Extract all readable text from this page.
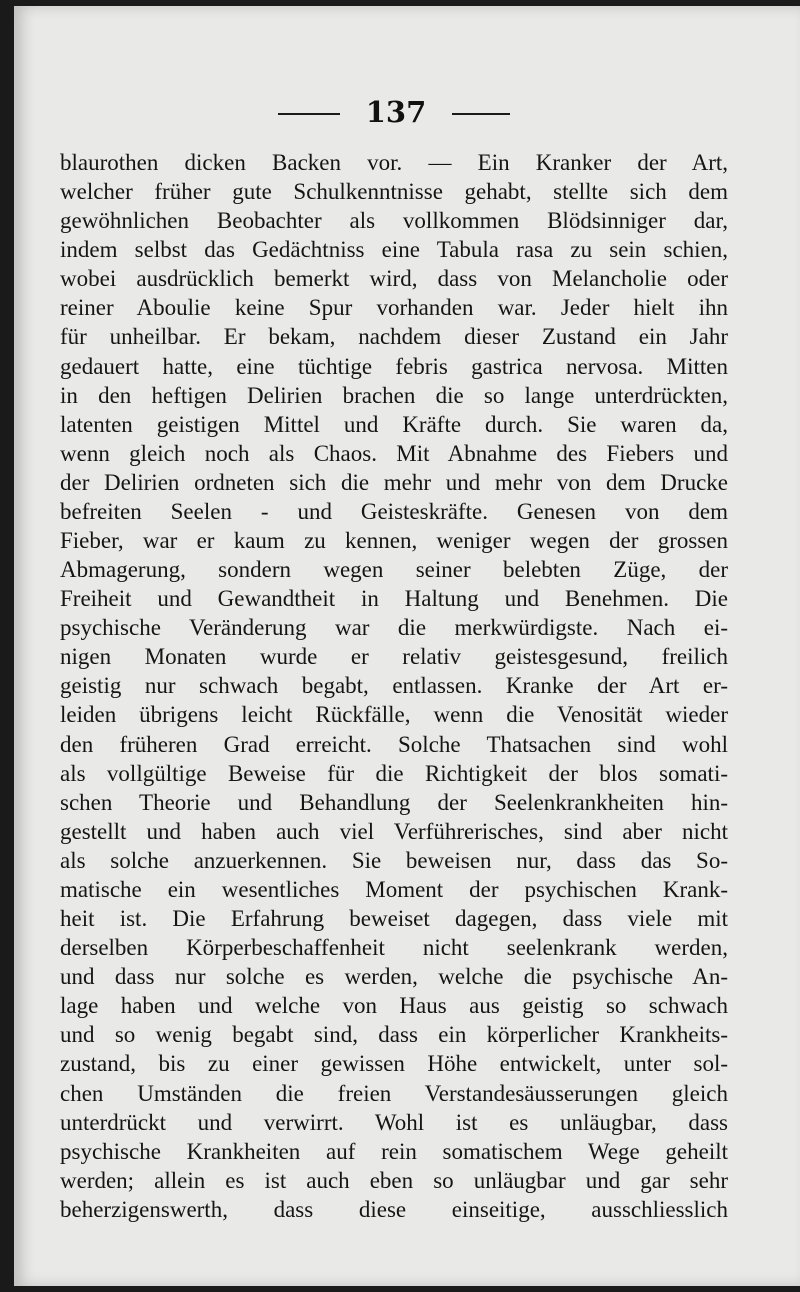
137
blaurothen dicken Backen vor. — Ein Kranker der Art,
welcher früher gute Schulkenntnisse gehabt, stellte sich dem
gewöhnlichen Beobachter als vollkommen Blödsinniger dar,
indem selbst das Gedächtniss eine Tabula rasa zu sein schien,
wobei ausdrücklich bemerkt wird, dass von Melancholie oder
reiner Aboulie keine Spur vorhanden war. Jeder hielt ihn
für unheilbar. Er bekam, nachdem dieser Zustand ein Jahr
gedauert hatte, eine tüchtige febris gastrica nervosa. Mitten
in den heftigen Delirien brachen die so lange unterdrückten,
latenten geistigen Mittel und Kräfte durch. Sie waren da,
wenn gleich noch als Chaos. Mit Abnahme des Fiebers und
der Delirien ordneten sich die mehr und mehr von dem Drucke
befreiten Seelen - und Geisteskräfte. Genesen von dem
Fieber, war er kaum zu kennen, weniger wegen der grossen
Abmagerung, sondern wegen seiner belebten Züge, der
Freiheit und Gewandtheit in Haltung und Benehmen. Die
psychische Veränderung war die merkwürdigste. Nach ei-
nigen Monaten wurde er relativ geistesgesund, freilich
geistig nur schwach begabt, entlassen. Kranke der Art er-
leiden übrigens leicht Rückfälle, wenn die Venosität wieder
den früheren Grad erreicht. Solche Thatsachen sind wohl
als vollgültige Beweise für die Richtigkeit der blos somati-
schen Theorie und Behandlung der Seelenkrankheiten hin-
gestellt und haben auch viel Verführerisches, sind aber nicht
als solche anzuerkennen. Sie beweisen nur, dass das So-
matische ein wesentliches Moment der psychischen Krank-
heit ist. Die Erfahrung beweiset dagegen, dass viele mit
derselben Körperbeschaffenheit nicht seelenkrank werden,
und dass nur solche es werden, welche die psychische An-
lage haben und welche von Haus aus geistig so schwach
und so wenig begabt sind, dass ein körperlicher Krankheits-
zustand, bis zu einer gewissen Höhe entwickelt, unter sol-
chen Umständen die freien Verstandesäusserungen gleich
unterdrückt und verwirrt. Wohl ist es unläugbar, dass
psychische Krankheiten auf rein somatischem Wege geheilt
werden; allein es ist auch eben so unläugbar und gar sehr
beherzigenswerth, dass diese einseitige, ausschliesslich
